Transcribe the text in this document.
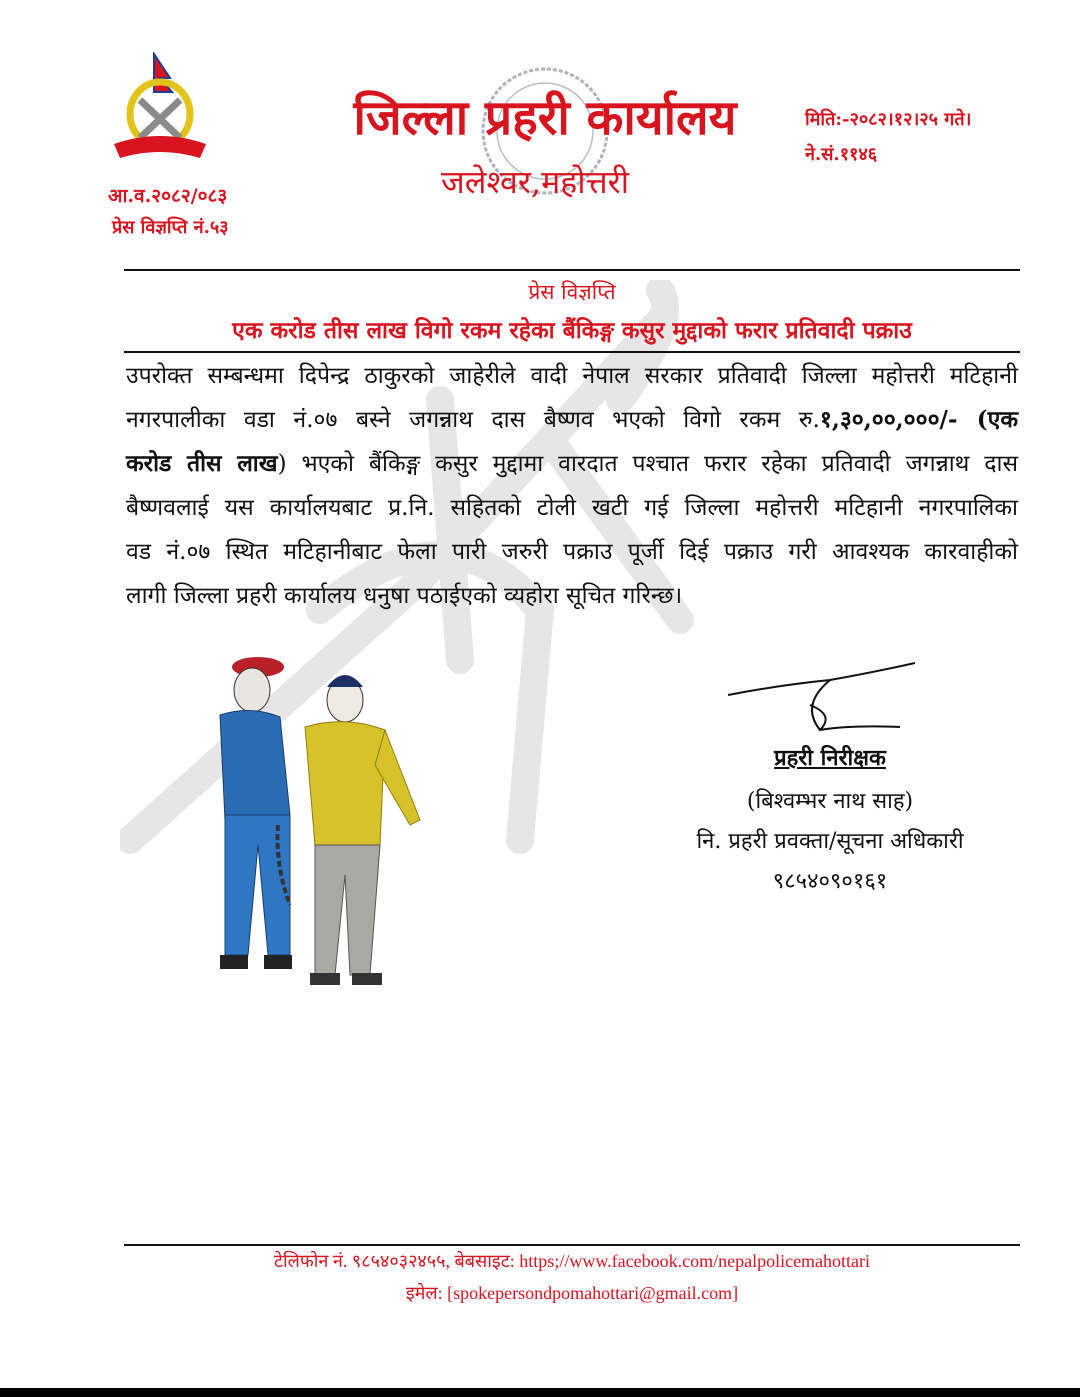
आ.व.२०८२/०८३
प्रेस विज्ञप्ति नं.५३
जिल्ला प्रहरी कार्यालय
जलेश्वर,महोत्तरी
मिति:-२०८२।१२।२५ गते।
ने.सं.११४६
प्रेस विज्ञप्ति
एक करोड तीस लाख विगो रकम रहेका बैंकिङ्ग कसुर मुद्दाको फरार प्रतिवादी पक्राउ
उपरोक्त सम्बन्धमा दिपेन्द्र ठाकुरको जाहेरीले वादी नेपाल सरकार प्रतिवादी जिल्ला महोत्तरी मटिहानी
नगरपालीका वडा नं.०७ बस्ने जगन्नाथ दास बैष्णव भएको विगो रकम रु.१,३०,००,०००/- (एक
करोड तीस लाख) भएको बैंकिङ्ग कसुर मुद्दामा वारदात पश्चात फरार रहेका प्रतिवादी जगन्नाथ दास
बैष्णवलाई यस कार्यालयबाट प्र.नि. सहितको टोली खटी गई जिल्ला महोत्तरी मटिहानी नगरपालिका
वड नं.०७ स्थित मटिहानीबाट फेला पारी जरुरी पक्राउ पूर्जी दिई पक्राउ गरी आवश्यक कारवाहीको
लागी जिल्ला प्रहरी कार्यालय धनुषा पठाईएको व्यहोरा सूचित गरिन्छ।
प्रहरी निरीक्षक
(बिश्वम्भर नाथ साह)
नि. प्रहरी प्रवक्ता/सूचना अधिकारी
९८५४०९०१६१
टेलिफोन नं. ९८५४०३२४५५, बेबसाइट: https;//www.facebook.com/nepalpolicemahottari
इमेल: [spokepersondpomahottari@gmail.com]
